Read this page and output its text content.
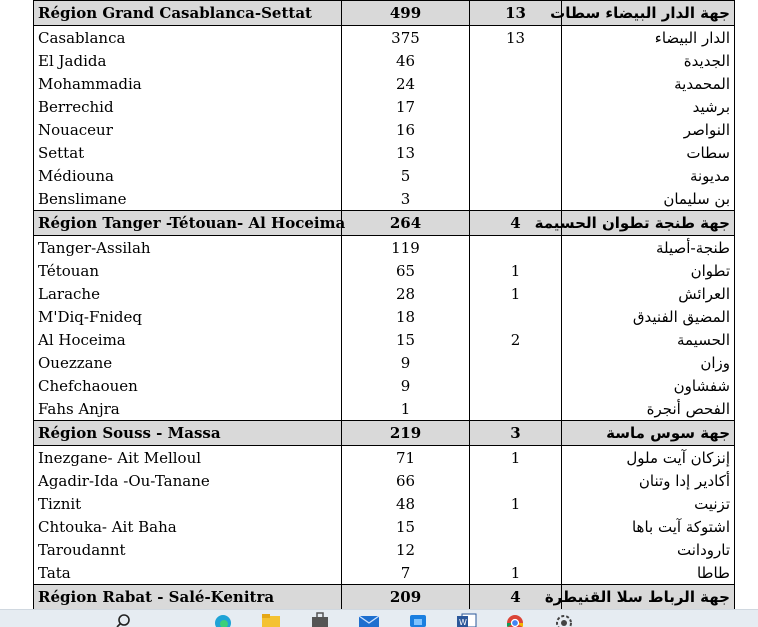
Région Grand Casablanca-Settat	499	13	جهة الدار البيضاء سطات
Casablanca	375	13	الدار البيضاء
El Jadida	46		الجديدة
Mohammadia	24		المحمدية
Berrechid	17		برشيد
Nouaceur	16		النواصر
Settat	13		سطات
Médiouna	5		مديونة
Benslimane	3		بن سليمان
Région Tanger -Tétouan- Al Hoceima	264	4	جهة طنجة تطوان الحسيمة
Tanger-Assilah	119		طنجة-أصيلة
Tétouan	65	1	تطوان
Larache	28	1	العرائش
M'Diq-Fnideq	18		المضيق الفنيدق
Al Hoceima	15	2	الحسيمة
Ouezzane	9		وزان
Chefchaouen	9		شفشاون
Fahs Anjra	1		الفحص أنجرة
Région Souss - Massa	219	3	جهة سوس ماسة
Inezgane- Ait Melloul	71	1	إنزكان آيت ملول
Agadir-Ida -Ou-Tanane	66		أكادير إدا وتنان
Tiznit	48	1	تزنيت
Chtouka- Ait Baha	15		اشتوكة آيت باها
Taroudannt	12		تارودانت
Tata	7	1	طاطا
Région Rabat - Salé-Kenitra	209	4	جهة الرباط سلا القنيطرة
W
